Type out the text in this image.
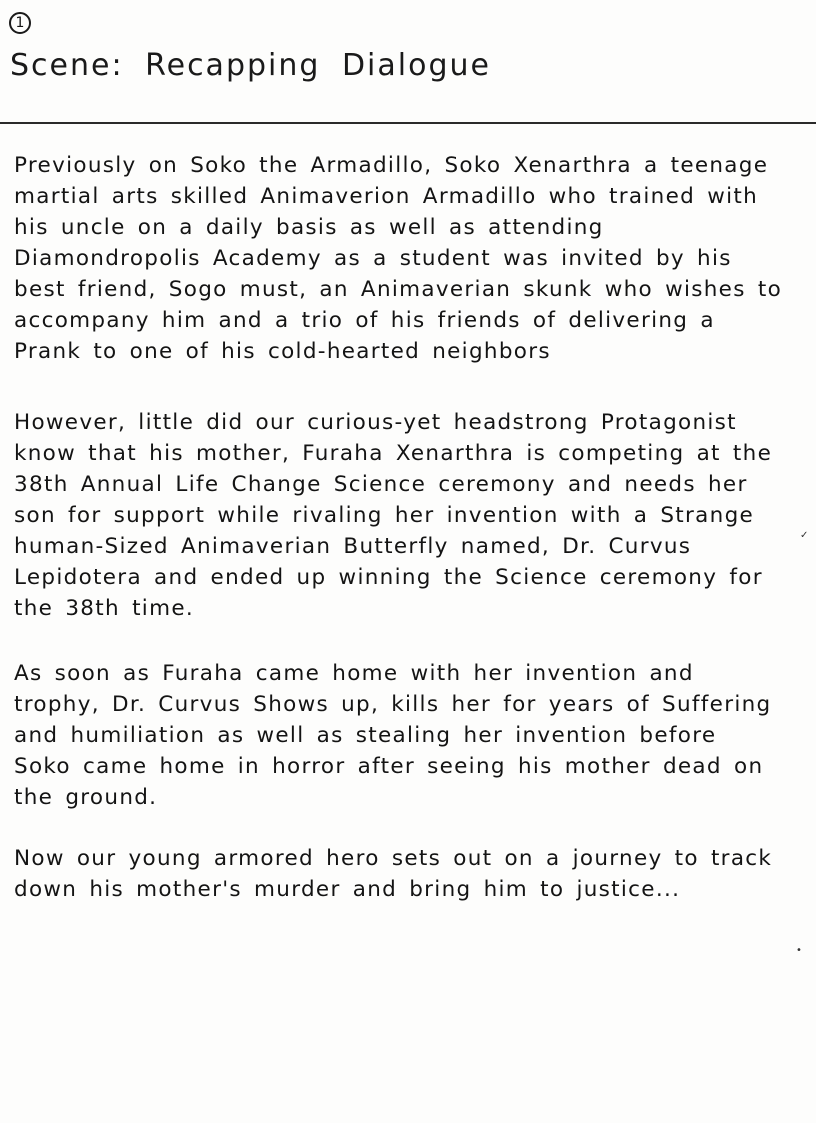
1
Scene: Recapping Dialogue

Previously on Soko the Armadillo, Soko Xenarthra a teenage martial arts skilled Animaverion Armadillo who trained with his uncle on a daily basis as well as attending Diamondropolis Academy as a student was invited by his best friend, Sogo must, an Animaverian skunk who wishes to accompany him and a trio of his friends of delivering a Prank to one of his cold-hearted neighbors

However, little did our curious-yet headstrong Protagonist know that his mother, Furaha Xenarthra is competing at the 38th Annual Life Change Science ceremony and needs her son for support while rivaling her invention with a Strange human-Sized Animaverian Butterfly named, Dr. Curvus Lepidotera and ended up winning the Science ceremony for the 38th time.

As soon as Furaha came home with her invention and trophy, Dr. Curvus Shows up, kills her for years of Suffering and humiliation as well as stealing her invention before Soko came home in horror after seeing his mother dead on the ground.

Now our young armored hero sets out on a journey to track down his mother's murder and bring him to justice...

✓
•
